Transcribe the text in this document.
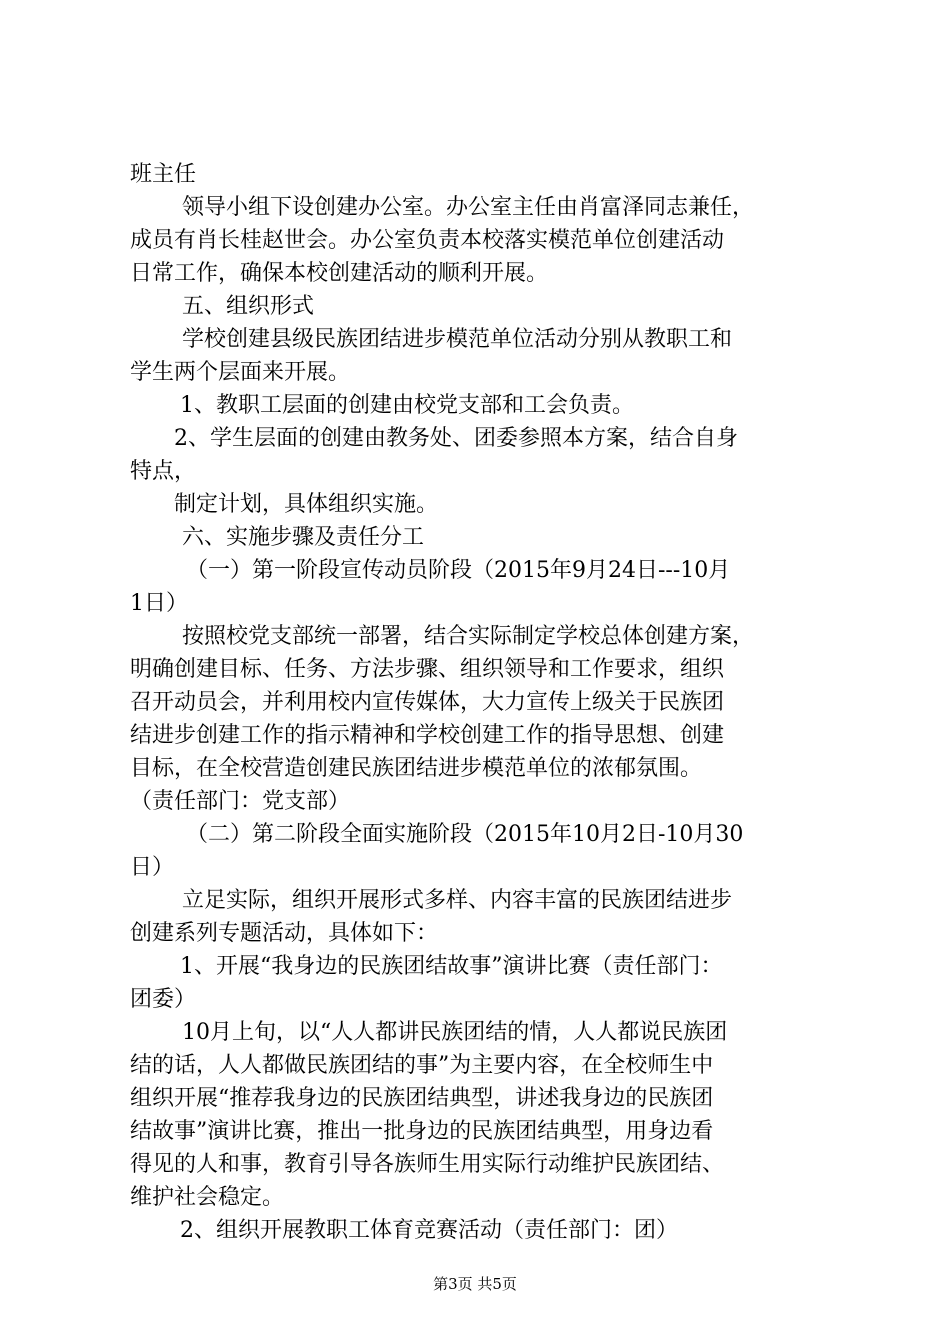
班主任

领导小组下设创建办公室。办公室主任由肖富泽同志兼任，

成员有肖长桂赵世会。办公室负责本校落实模范单位创建活动

日常工作，确保本校创建活动的顺利开展。

五、组织形式

学校创建县级民族团结进步模范单位活动分别从教职工和

学生两个层面来开展。

1、教职工层面的创建由校党支部和工会负责。

2、学生层面的创建由教务处、团委参照本方案，结合自身

特点，

制定计划，具体组织实施。

六、实施步骤及责任分工

（一）第一阶段宣传动员阶段（2015年9月24日---10月

1日）

按照校党支部统一部署，结合实际制定学校总体创建方案，

明确创建目标、任务、方法步骤、组织领导和工作要求，组织

召开动员会，并利用校内宣传媒体，大力宣传上级关于民族团

结进步创建工作的指示精神和学校创建工作的指导思想、创建

目标，在全校营造创建民族团结进步模范单位的浓郁氛围。

（责任部门：党支部）

（二）第二阶段全面实施阶段（2015年10月2日-10月30

日）

立足实际，组织开展形式多样、内容丰富的民族团结进步

创建系列专题活动，具体如下：

1、开展“我身边的民族团结故事”演讲比赛（责任部门：

团委）

10月上旬，以“人人都讲民族团结的情，人人都说民族团

结的话，人人都做民族团结的事”为主要内容，在全校师生中

组织开展“推荐我身边的民族团结典型，讲述我身边的民族团

结故事”演讲比赛，推出一批身边的民族团结典型，用身边看

得见的人和事，教育引导各族师生用实际行动维护民族团结、

维护社会稳定。

2、组织开展教职工体育竞赛活动（责任部门：团）

第3页 共5页
